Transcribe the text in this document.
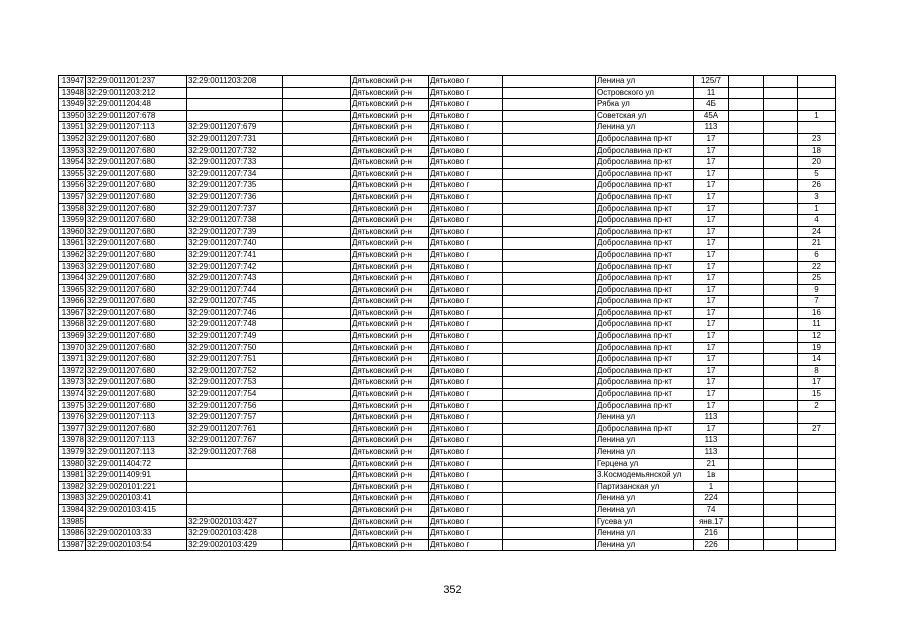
13947	32:29:0011201:237	32:29:0011203:208		Дятьковский р-н	Дятьково г		Ленина ул	125/7			
13948	32:29:0011203:212			Дятьковский р-н	Дятьково г		Островского ул	11			
13949	32:29:0011204:48			Дятьковский р-н	Дятьково г		Рябка ул	4Б			
13950	32:29:0011207:678			Дятьковский р-н	Дятьково г		Советская ул	45А			1
13951	32:29:0011207:113	32:29:0011207:679		Дятьковский р-н	Дятьково г		Ленина ул	113			
13952	32:29:0011207:680	32:29:0011207:731		Дятьковский р-н	Дятьково г		Доброславина пр-кт	17			23
13953	32:29:0011207:680	32:29:0011207:732		Дятьковский р-н	Дятьково г		Доброславина пр-кт	17			18
13954	32:29:0011207:680	32:29:0011207:733		Дятьковский р-н	Дятьково г		Доброславина пр-кт	17			20
13955	32:29:0011207:680	32:29:0011207:734		Дятьковский р-н	Дятьково г		Доброславина пр-кт	17			5
13956	32:29:0011207:680	32:29:0011207:735		Дятьковский р-н	Дятьково г		Доброславина пр-кт	17			26
13957	32:29:0011207:680	32:29:0011207:736		Дятьковский р-н	Дятьково г		Доброславина пр-кт	17			3
13958	32:29:0011207:680	32:29:0011207:737		Дятьковский р-н	Дятьково г		Доброславина пр-кт	17			1
13959	32:29:0011207:680	32:29:0011207:738		Дятьковский р-н	Дятьково г		Доброславина пр-кт	17			4
13960	32:29:0011207:680	32:29:0011207:739		Дятьковский р-н	Дятьково г		Доброславина пр-кт	17			24
13961	32:29:0011207:680	32:29:0011207:740		Дятьковский р-н	Дятьково г		Доброславина пр-кт	17			21
13962	32:29:0011207:680	32:29:0011207:741		Дятьковский р-н	Дятьково г		Доброславина пр-кт	17			6
13963	32:29:0011207:680	32:29:0011207:742		Дятьковский р-н	Дятьково г		Доброславина пр-кт	17			22
13964	32:29:0011207:680	32:29:0011207:743		Дятьковский р-н	Дятьково г		Доброславина пр-кт	17			25
13965	32:29:0011207:680	32:29:0011207:744		Дятьковский р-н	Дятьково г		Доброславина пр-кт	17			9
13966	32:29:0011207:680	32:29:0011207:745		Дятьковский р-н	Дятьково г		Доброславина пр-кт	17			7
13967	32:29:0011207:680	32:29:0011207:746		Дятьковский р-н	Дятьково г		Доброславина пр-кт	17			16
13968	32:29:0011207:680	32:29:0011207:748		Дятьковский р-н	Дятьково г		Доброславина пр-кт	17			11
13969	32:29:0011207:680	32:29:0011207:749		Дятьковский р-н	Дятьково г		Доброславина пр-кт	17			12
13970	32:29:0011207:680	32:29:0011207:750		Дятьковский р-н	Дятьково г		Доброславина пр-кт	17			19
13971	32:29:0011207:680	32:29:0011207:751		Дятьковский р-н	Дятьково г		Доброславина пр-кт	17			14
13972	32:29:0011207:680	32:29:0011207:752		Дятьковский р-н	Дятьково г		Доброславина пр-кт	17			8
13973	32:29:0011207:680	32:29:0011207:753		Дятьковский р-н	Дятьково г		Доброславина пр-кт	17			17
13974	32:29:0011207:680	32:29:0011207:754		Дятьковский р-н	Дятьково г		Доброславина пр-кт	17			15
13975	32:29:0011207:680	32:29:0011207:756		Дятьковский р-н	Дятьково г		Доброславина пр-кт	17			2
13976	32:29:0011207:113	32:29:0011207:757		Дятьковский р-н	Дятьково г		Ленина ул	113			
13977	32:29:0011207:680	32:29:0011207:761		Дятьковский р-н	Дятьково г		Доброславина пр-кт	17			27
13978	32:29:0011207:113	32:29:0011207:767		Дятьковский р-н	Дятьково г		Ленина ул	113			
13979	32:29:0011207:113	32:29:0011207:768		Дятьковский р-н	Дятьково г		Ленина ул	113			
13980	32:29:0011404:72			Дятьковский р-н	Дятьково г		Герцена ул	21			
13981	32:29:0011409:91			Дятьковский р-н	Дятьково г		3.Космодемьянской ул	1в			
13982	32:29:0020101:221			Дятьковский р-н	Дятьково г		Партизанская ул	1			
13983	32:29:0020103:41			Дятьковский р-н	Дятьково г		Ленина ул	224			
13984	32:29:0020103:415			Дятьковский р-н	Дятьково г		Ленина ул	74			
13985		32:29:0020103:427		Дятьковский р-н	Дятьково г		Гусева ул	янв.17			
13986	32:29:0020103:33	32:29:0020103:428		Дятьковский р-н	Дятьково г		Ленина ул	216			
13987	32:29:0020103:54	32:29:0020103:429		Дятьковский р-н	Дятьково г		Ленина ул	226			
352
